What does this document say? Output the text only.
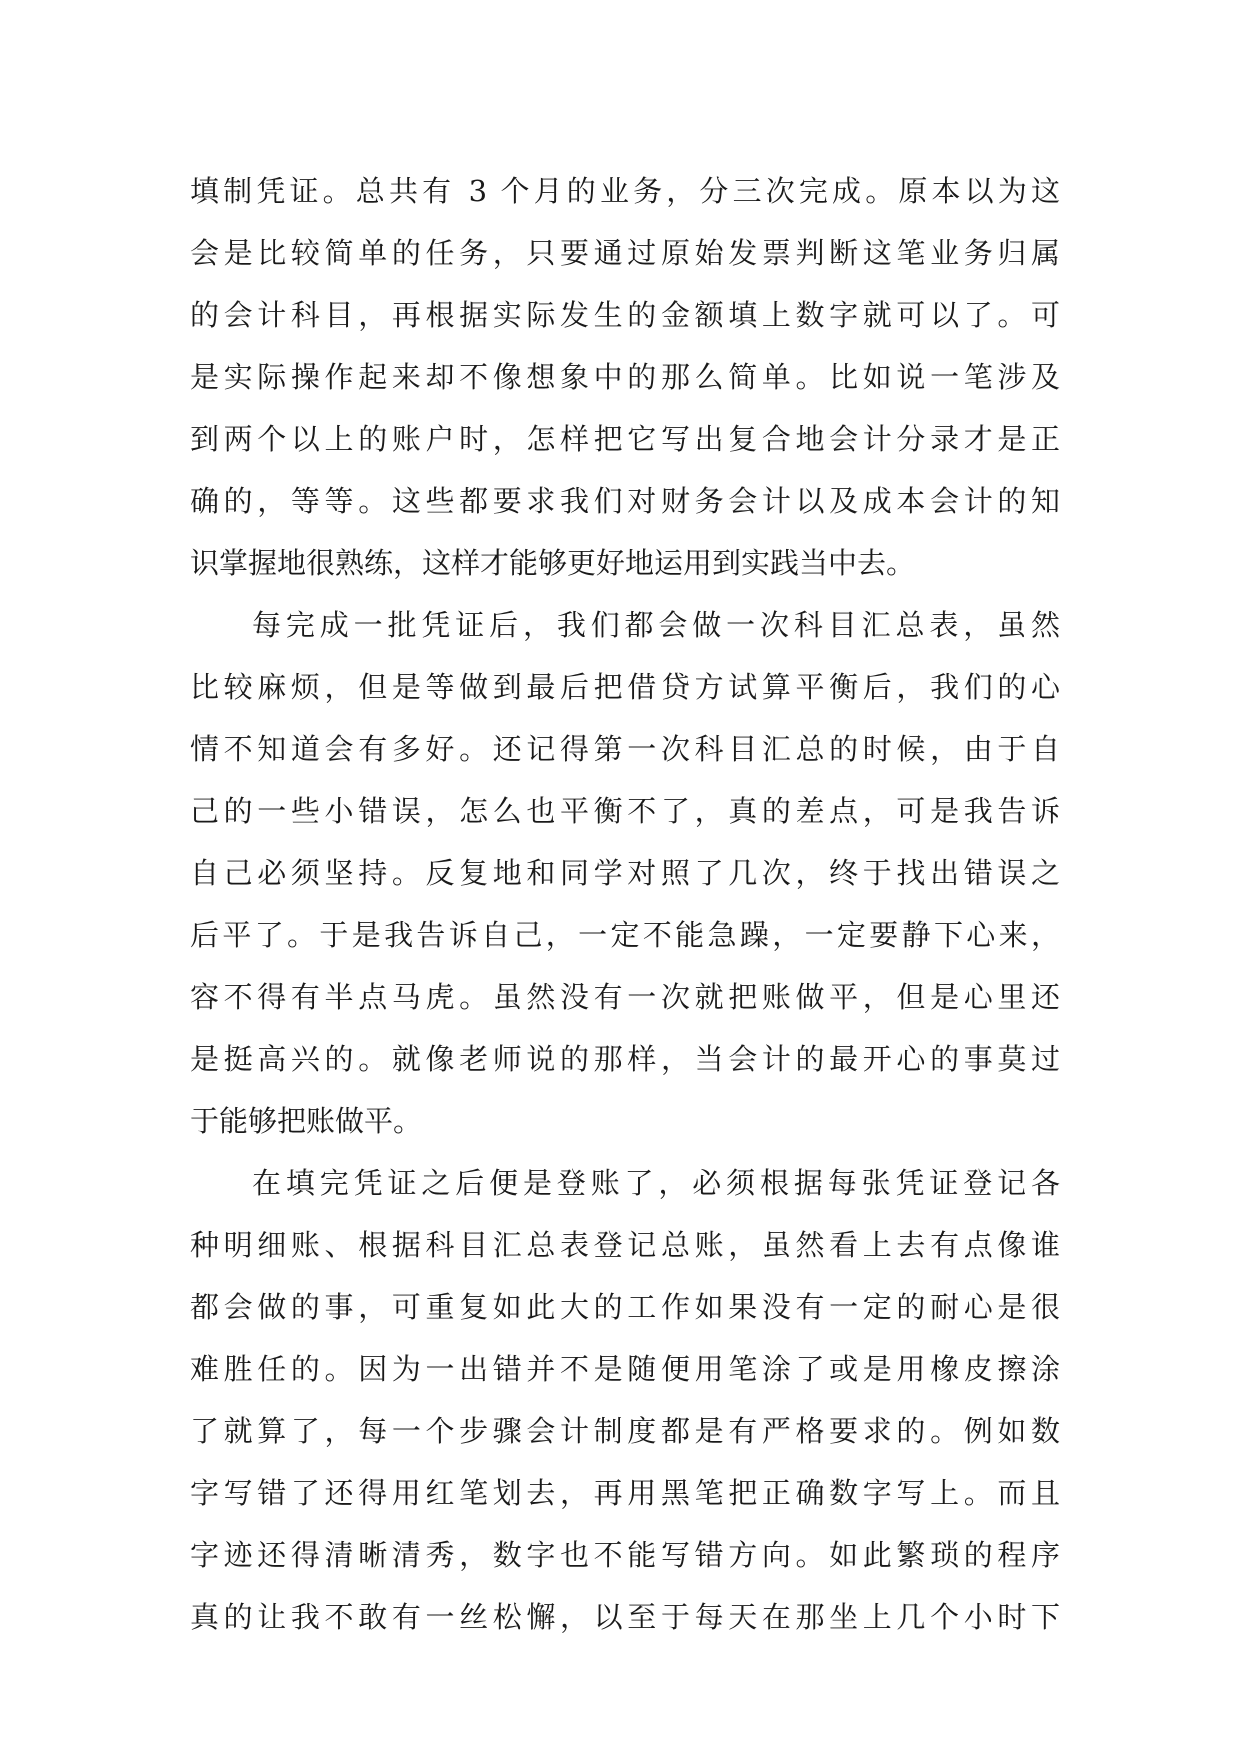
填制凭证。总共有 3 个月的业务，分三次完成。原本以为这
会是比较简单的任务，只要通过原始发票判断这笔业务归属
的会计科目，再根据实际发生的金额填上数字就可以了。可
是实际操作起来却不像想象中的那么简单。比如说一笔涉及
到两个以上的账户时，怎样把它写出复合地会计分录才是正
确的，等等。这些都要求我们对财务会计以及成本会计的知
识掌握地很熟练，这样才能够更好地运用到实践当中去。
每完成一批凭证后，我们都会做一次科目汇总表，虽然
比较麻烦，但是等做到最后把借贷方试算平衡后，我们的心
情不知道会有多好。还记得第一次科目汇总的时候，由于自
己的一些小错误，怎么也平衡不了，真的差点，可是我告诉
自己必须坚持。反复地和同学对照了几次，终于找出错误之
后平了。于是我告诉自己，一定不能急躁，一定要静下心来，
容不得有半点马虎。虽然没有一次就把账做平，但是心里还
是挺高兴的。就像老师说的那样，当会计的最开心的事莫过
于能够把账做平。
在填完凭证之后便是登账了，必须根据每张凭证登记各
种明细账、根据科目汇总表登记总账，虽然看上去有点像谁
都会做的事，可重复如此大的工作如果没有一定的耐心是很
难胜任的。因为一出错并不是随便用笔涂了或是用橡皮擦涂
了就算了，每一个步骤会计制度都是有严格要求的。例如数
字写错了还得用红笔划去，再用黑笔把正确数字写上。而且
字迹还得清晰清秀，数字也不能写错方向。如此繁琐的程序
真的让我不敢有一丝松懈，以至于每天在那坐上几个小时下
